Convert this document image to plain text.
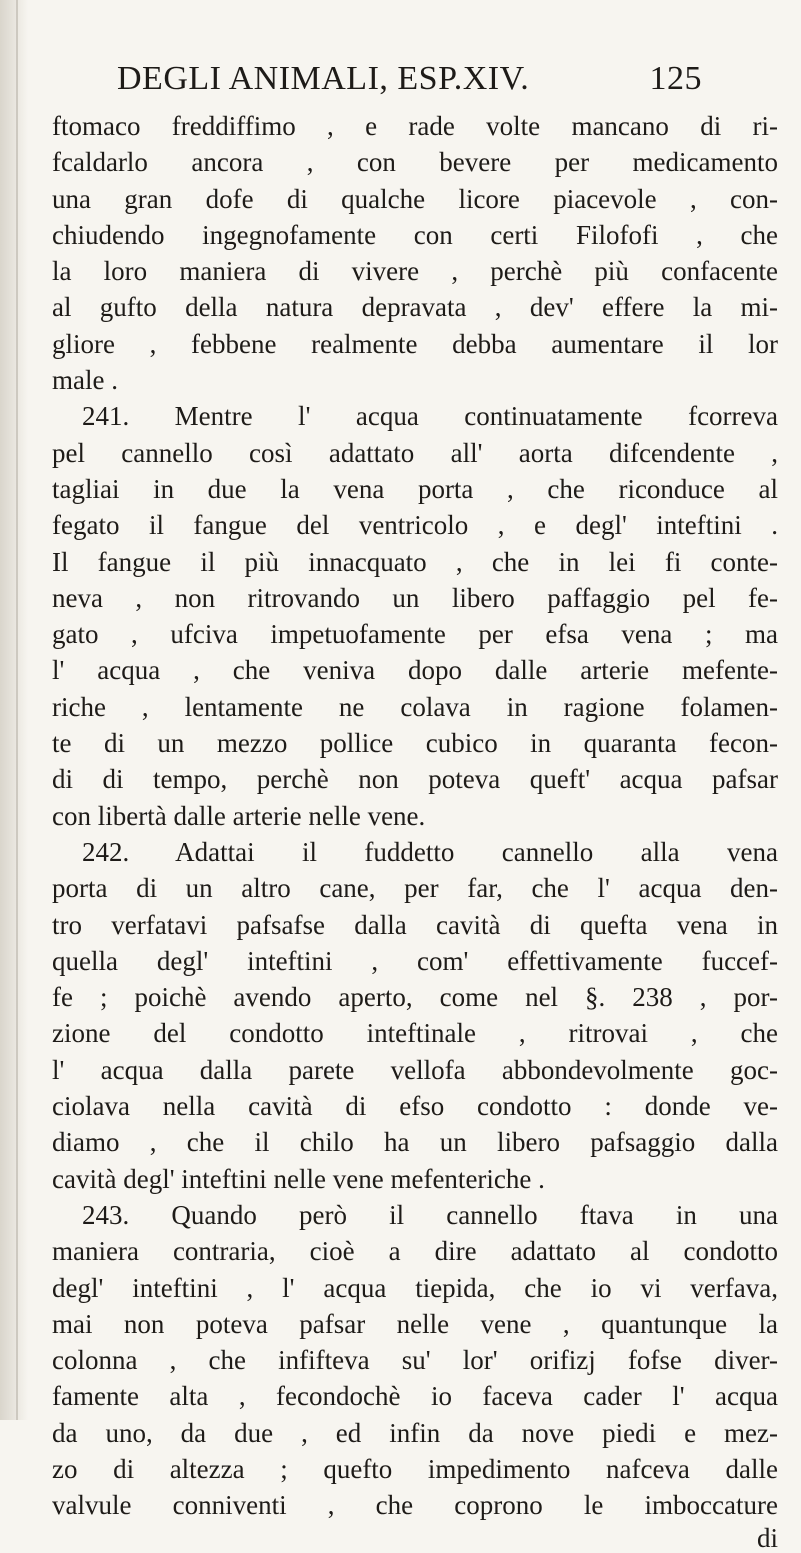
DEGLI ANIMALI, ESP.XIV.	125
ftomaco freddiffimo , e rade volte mancano di ri-
fcaldarlo ancora , con bevere per medicamento
una gran dofe di qualche licore piacevole , con-
chiudendo ingegnofamente con certi Filofofi , che
la loro maniera di vivere , perchè più confacente
al gufto della natura depravata , dev' effere la mi-
gliore , febbene realmente debba aumentare il lor
male .
241. Mentre l' acqua continuatamente fcorreva
pel cannello così adattato all' aorta difcendente ,
tagliai in due la vena porta , che riconduce al
fegato il fangue del ventricolo , e degl' inteftini .
Il fangue il più innacquato , che in lei fi conte-
neva , non ritrovando un libero paffaggio pel fe-
gato , ufciva impetuofamente per efsa vena ; ma
l' acqua , che veniva dopo dalle arterie mefente-
riche , lentamente ne colava in ragione folamen-
te di un mezzo pollice cubico in quaranta fecon-
di di tempo, perchè non poteva queft' acqua pafsar
con libertà dalle arterie nelle vene.
242. Adattai il fuddetto cannello alla vena
porta di un altro cane, per far, che l' acqua den-
tro verfatavi pafsafse dalla cavità di quefta vena in
quella degl' inteftini , com' effettivamente fuccef-
fe ; poichè avendo aperto, come nel §. 238 , por-
zione del condotto inteftinale , ritrovai , che
l' acqua dalla parete vellofa abbondevolmente goc-
ciolava nella cavità di efso condotto : donde ve-
diamo , che il chilo ha un libero pafsaggio dalla
cavità degl' inteftini nelle vene mefenteriche .
243. Quando però il cannello ftava in una
maniera contraria, cioè a dire adattato al condotto
degl' inteftini , l' acqua tiepida, che io vi verfava,
mai non poteva pafsar nelle vene , quantunque la
colonna , che infifteva su' lor' orifizj fofse diver-
famente alta , fecondochè io faceva cader l' acqua
da uno, da due , ed infin da nove piedi e mez-
zo di altezza ; quefto impedimento nafceva dalle
valvule conniventi , che coprono le imboccature
di
